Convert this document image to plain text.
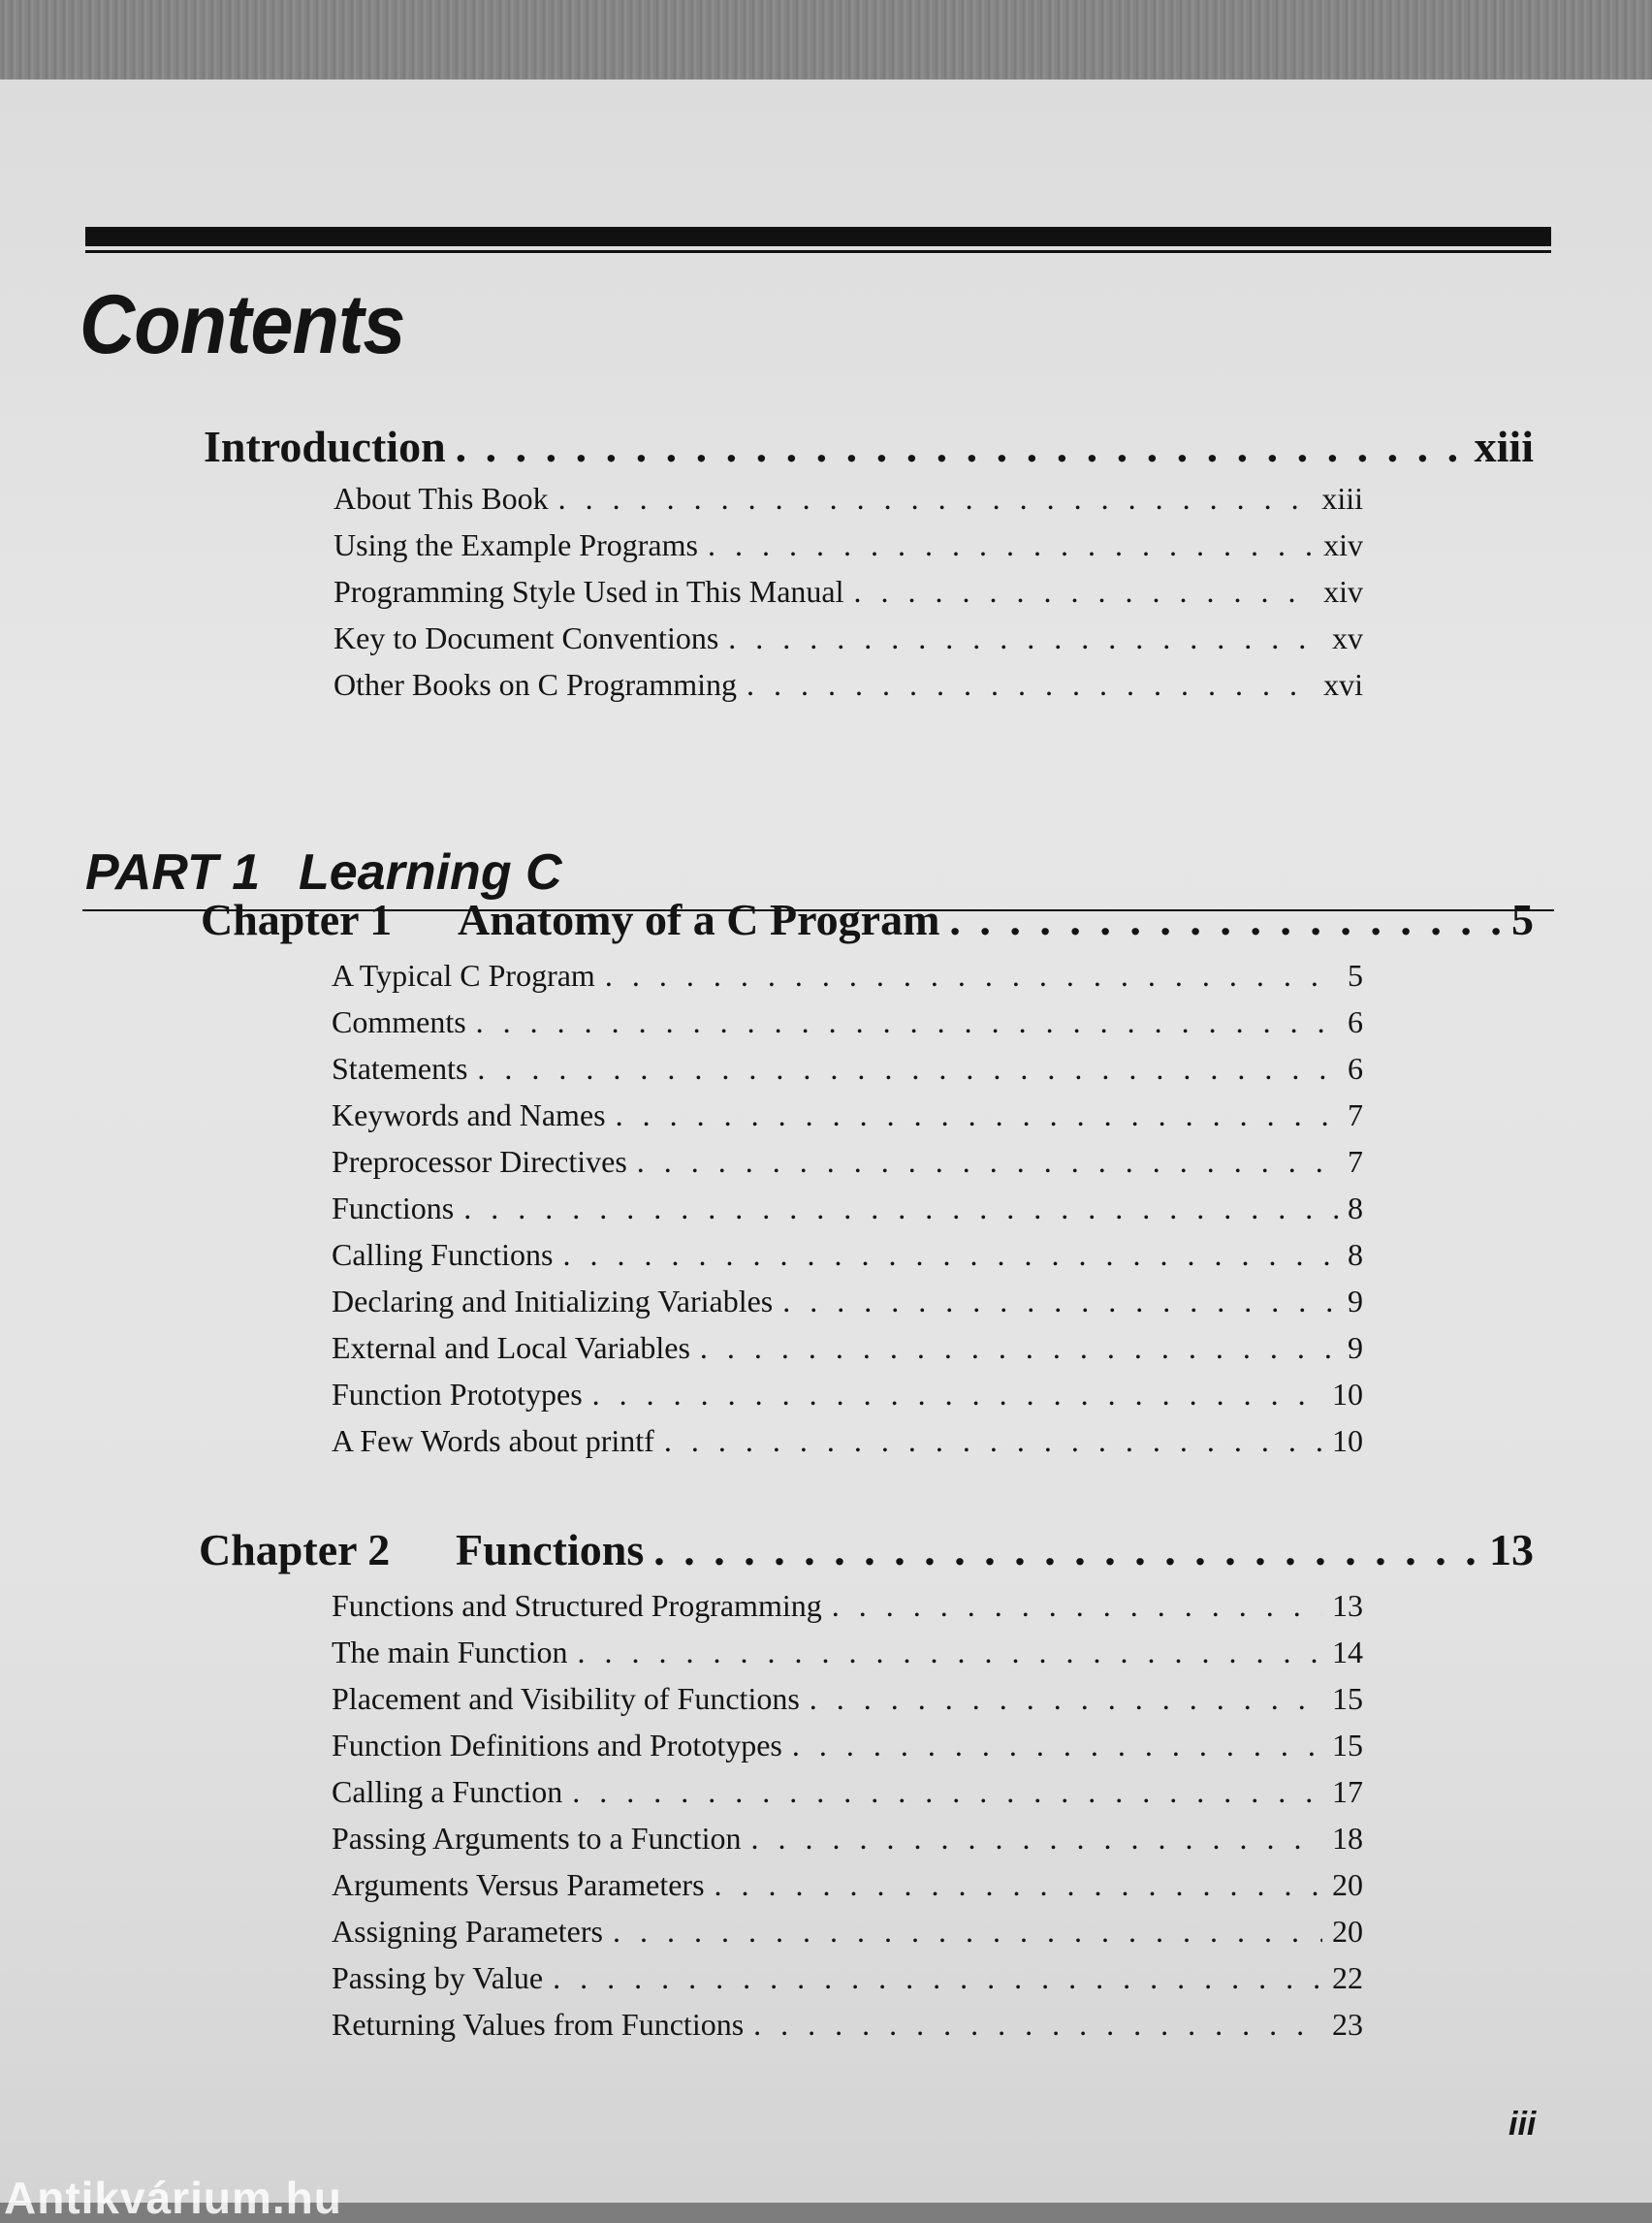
Contents
Introduction . . .	xiii
About This Book . . .	xiii
Using the Example Programs . . .	xiv
Programming Style Used in This Manual . . .	xiv
Key to Document Conventions . . .	xv
Other Books on C Programming . . .	xvi
PART 1 Learning C
Chapter 1 Anatomy of a C Program . . .	5
A Typical C Program . . .	5
Comments . . .	6
Statements . . .	6
Keywords and Names . . .	7
Preprocessor Directives . . .	7
Functions . . .	8
Calling Functions . . .	8
Declaring and Initializing Variables . . .	9
External and Local Variables . . .	9
Function Prototypes . . .	10
A Few Words about printf . . .	10
Chapter 2 Functions . . .	13
Functions and Structured Programming . . .	13
The main Function . . .	14
Placement and Visibility of Functions . . .	15
Function Definitions and Prototypes . . .	15
Calling a Function . . .	17
Passing Arguments to a Function . . .	18
Arguments Versus Parameters . . .	20
Assigning Parameters . . .	20
Passing by Value . . .	22
Returning Values from Functions . . .	23
iii
Antikvárium.hu
